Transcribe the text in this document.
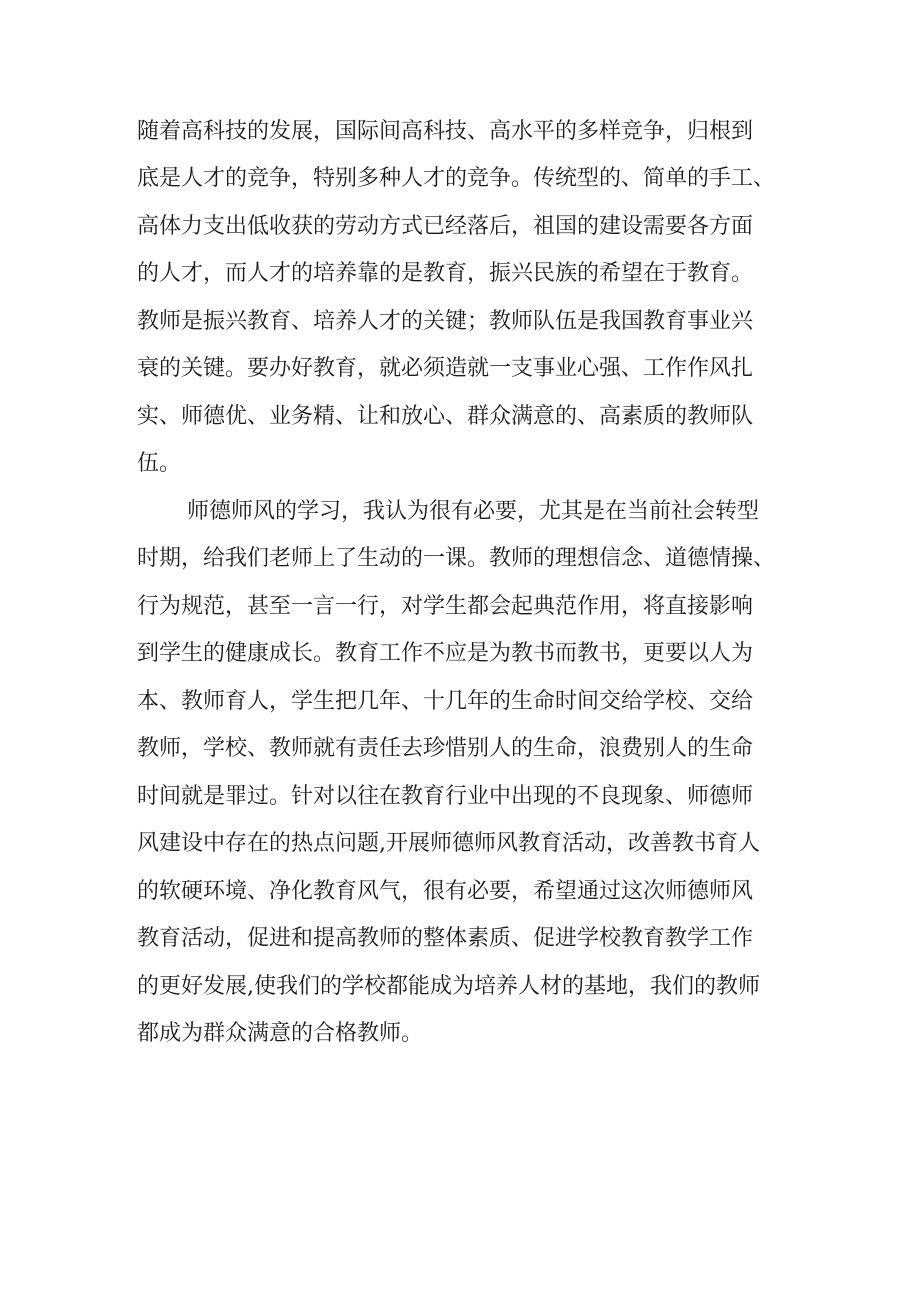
随着高科技的发展，国际间高科技、高水平的多样竞争，归根到
底是人才的竞争，特别多种人才的竞争。传统型的、简单的手工、
高体力支出低收获的劳动方式已经落后，祖国的建设需要各方面
的人才，而人才的培养靠的是教育，振兴民族的希望在于教育。
教师是振兴教育、培养人才的关键；教师队伍是我国教育事业兴
衰的关键。要办好教育，就必须造就一支事业心强、工作作风扎
实、师德优、业务精、让和放心、群众满意的、高素质的教师队
伍。
师德师风的学习，我认为很有必要，尤其是在当前社会转型
时期，给我们老师上了生动的一课。教师的理想信念、道德情操、
行为规范，甚至一言一行，对学生都会起典范作用，将直接影响
到学生的健康成长。教育工作不应是为教书而教书，更要以人为
本、教师育人，学生把几年、十几年的生命时间交给学校、交给
教师，学校、教师就有责任去珍惜别人的生命，浪费别人的生命
时间就是罪过。针对以往在教育行业中出现的不良现象、师德师
风建设中存在的热点问题,开展师德师风教育活动，改善教书育人
的软硬环境、净化教育风气，很有必要，希望通过这次师德师风
教育活动，促进和提高教师的整体素质、促进学校教育教学工作
的更好发展,使我们的学校都能成为培养人材的基地，我们的教师
都成为群众满意的合格教师。
